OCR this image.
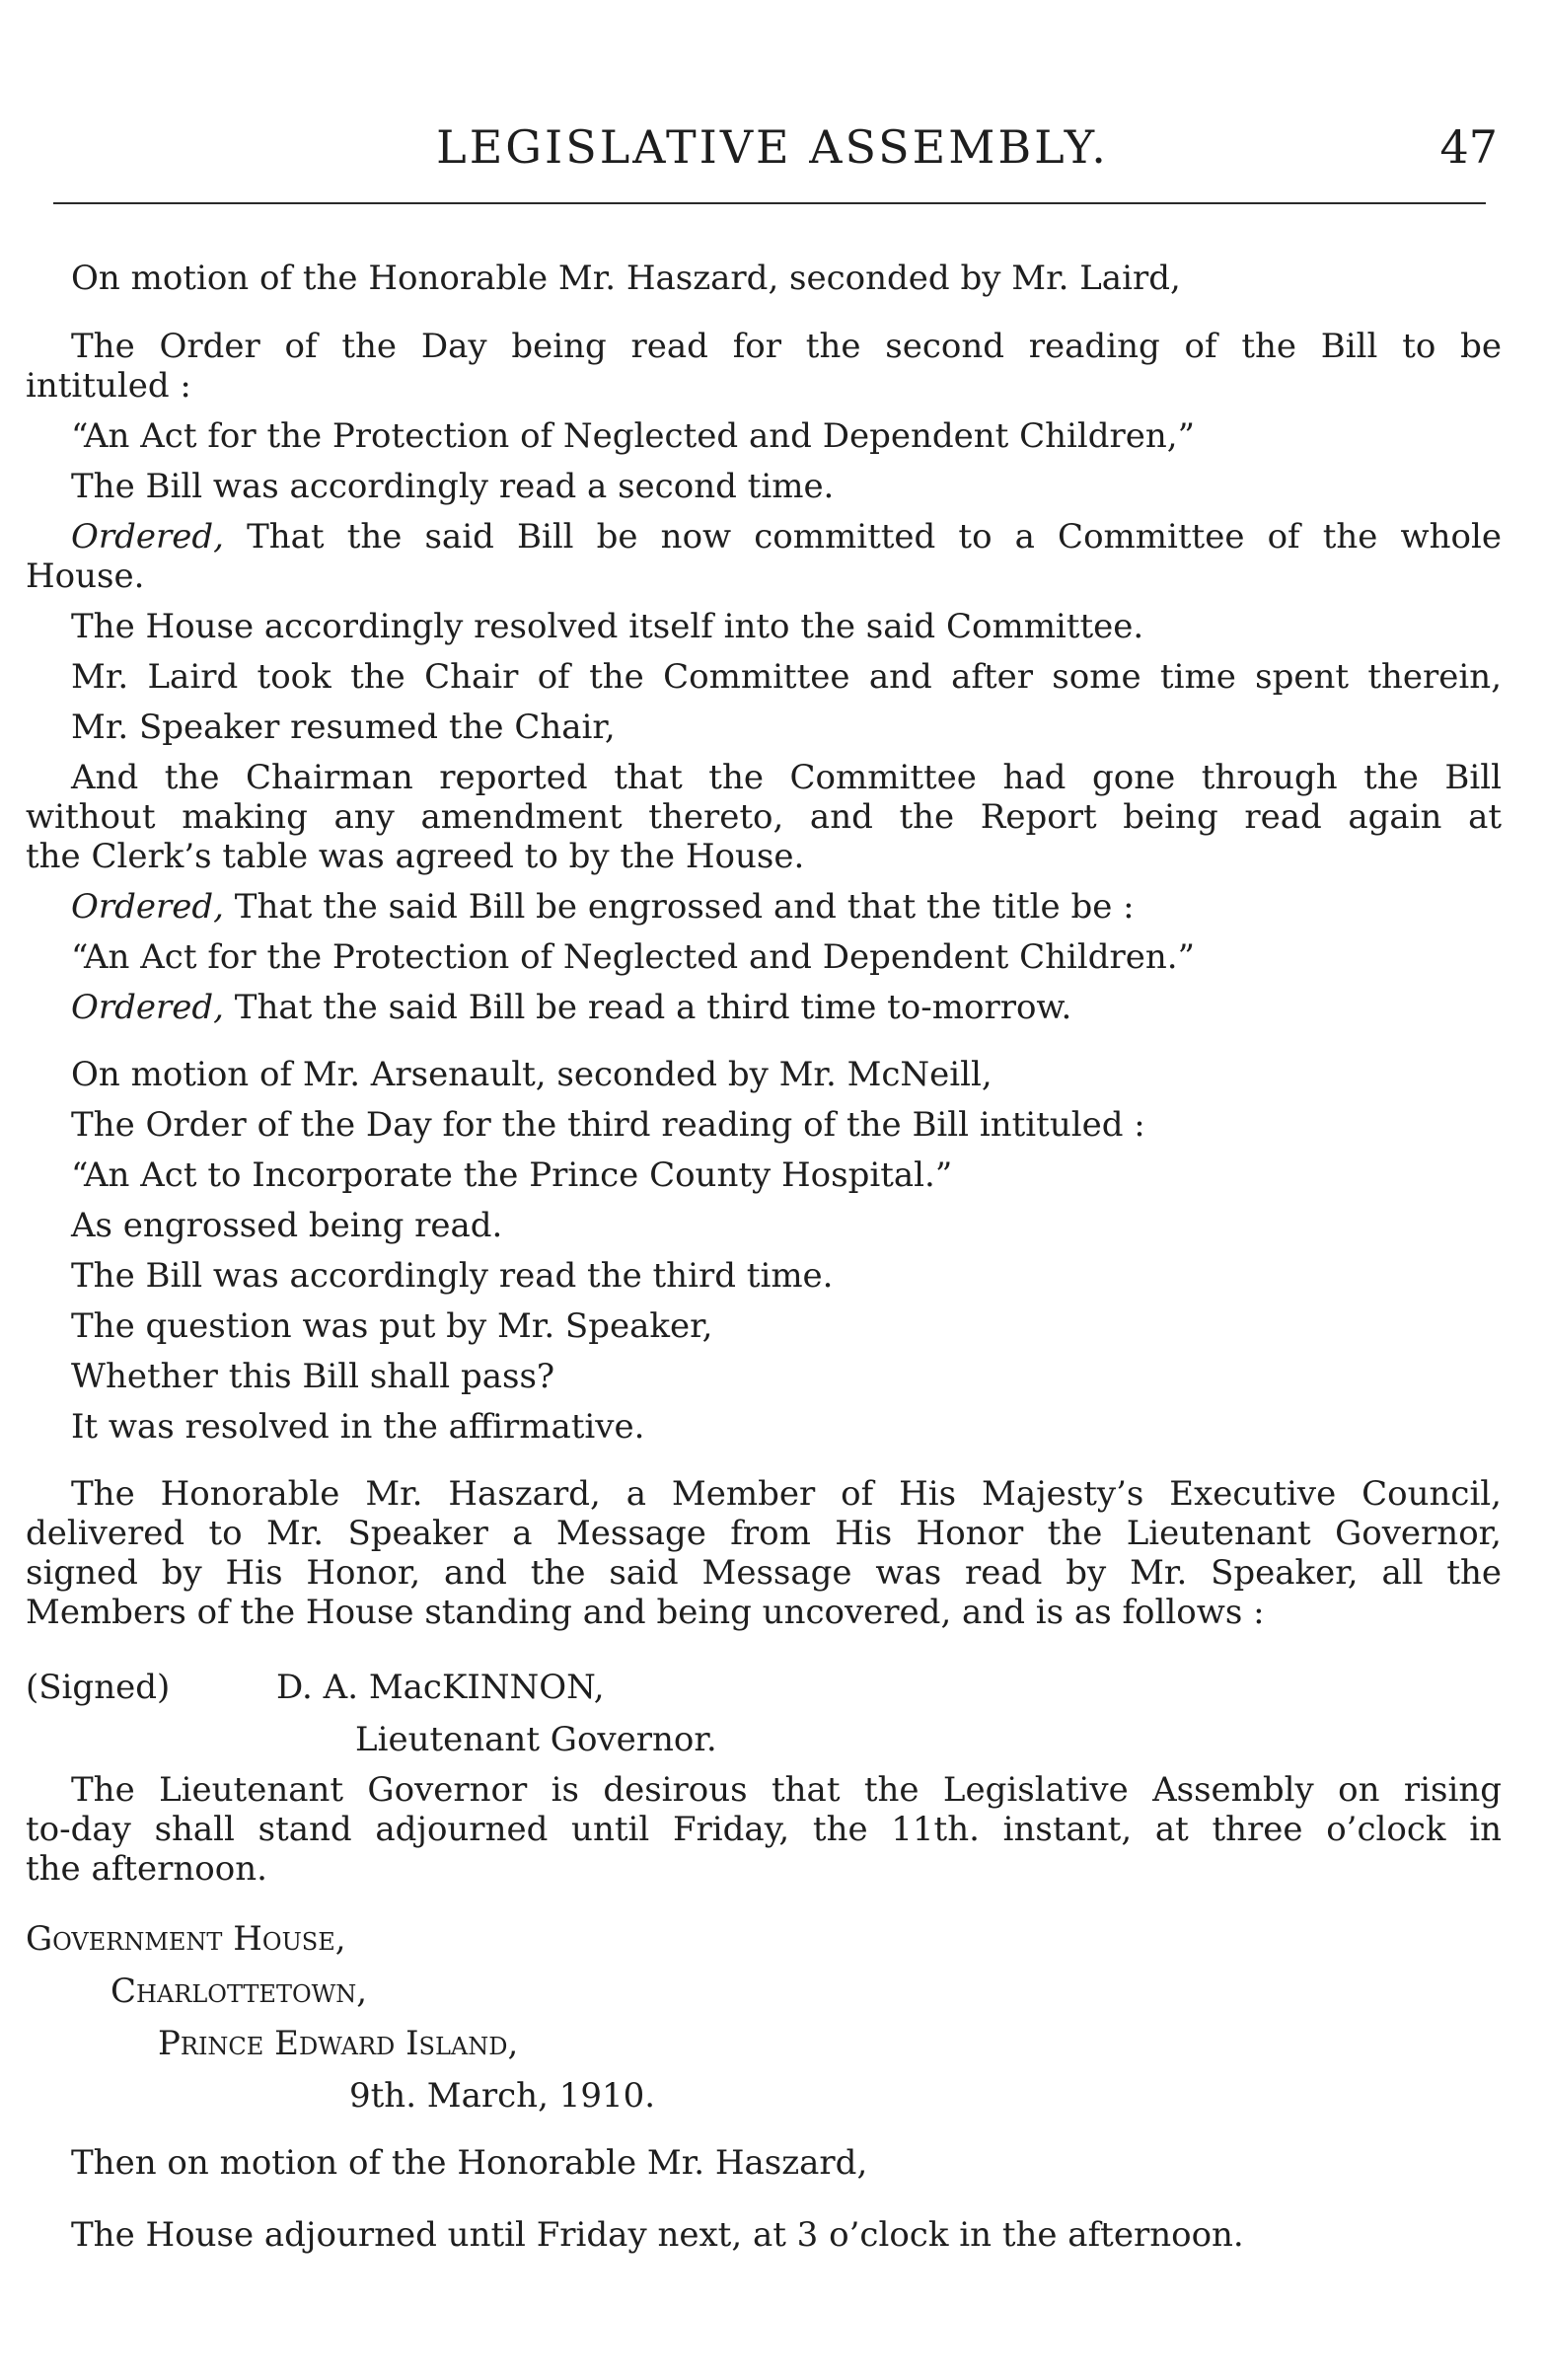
LEGISLATIVE ASSEMBLY.	47
On motion of the Honorable Mr. Haszard, seconded by Mr. Laird,
The Order of the Day being read for the second reading of the Bill to be
intituled :
“An Act for the Protection of Neglected and Dependent Children,”
The Bill was accordingly read a second time.
Ordered, That the said Bill be now committed to a Committee of the whole
House.
The House accordingly resolved itself into the said Committee.
Mr. Laird took the Chair of the Committee and after some time spent therein,
Mr. Speaker resumed the Chair,
And the Chairman reported that the Committee had gone through the Bill
without making any amendment thereto, and the Report being read again at
the Clerk’s table was agreed to by the House.
Ordered, That the said Bill be engrossed and that the title be :
“An Act for the Protection of Neglected and Dependent Children.”
Ordered, That the said Bill be read a third time to-morrow.
On motion of Mr. Arsenault, seconded by Mr. McNeill,
The Order of the Day for the third reading of the Bill intituled :
“An Act to Incorporate the Prince County Hospital.”
As engrossed being read.
The Bill was accordingly read the third time.
The question was put by Mr. Speaker,
Whether this Bill shall pass?
It was resolved in the affirmative.
The Honorable Mr. Haszard, a Member of His Majesty’s Executive Council,
delivered to Mr. Speaker a Message from His Honor the Lieutenant Governor,
signed by His Honor, and the said Message was read by Mr. Speaker, all the
Members of the House standing and being uncovered, and is as follows :
(Signed)	D. A. MacKINNON,
Lieutenant Governor.
The Lieutenant Governor is desirous that the Legislative Assembly on rising
to-day shall stand adjourned until Friday, the 11th. instant, at three o’clock in
the afternoon.
Government House,
Charlottetown,
Prince Edward Island,
9th. March, 1910.
Then on motion of the Honorable Mr. Haszard,
The House adjourned until Friday next, at 3 o’clock in the afternoon.
